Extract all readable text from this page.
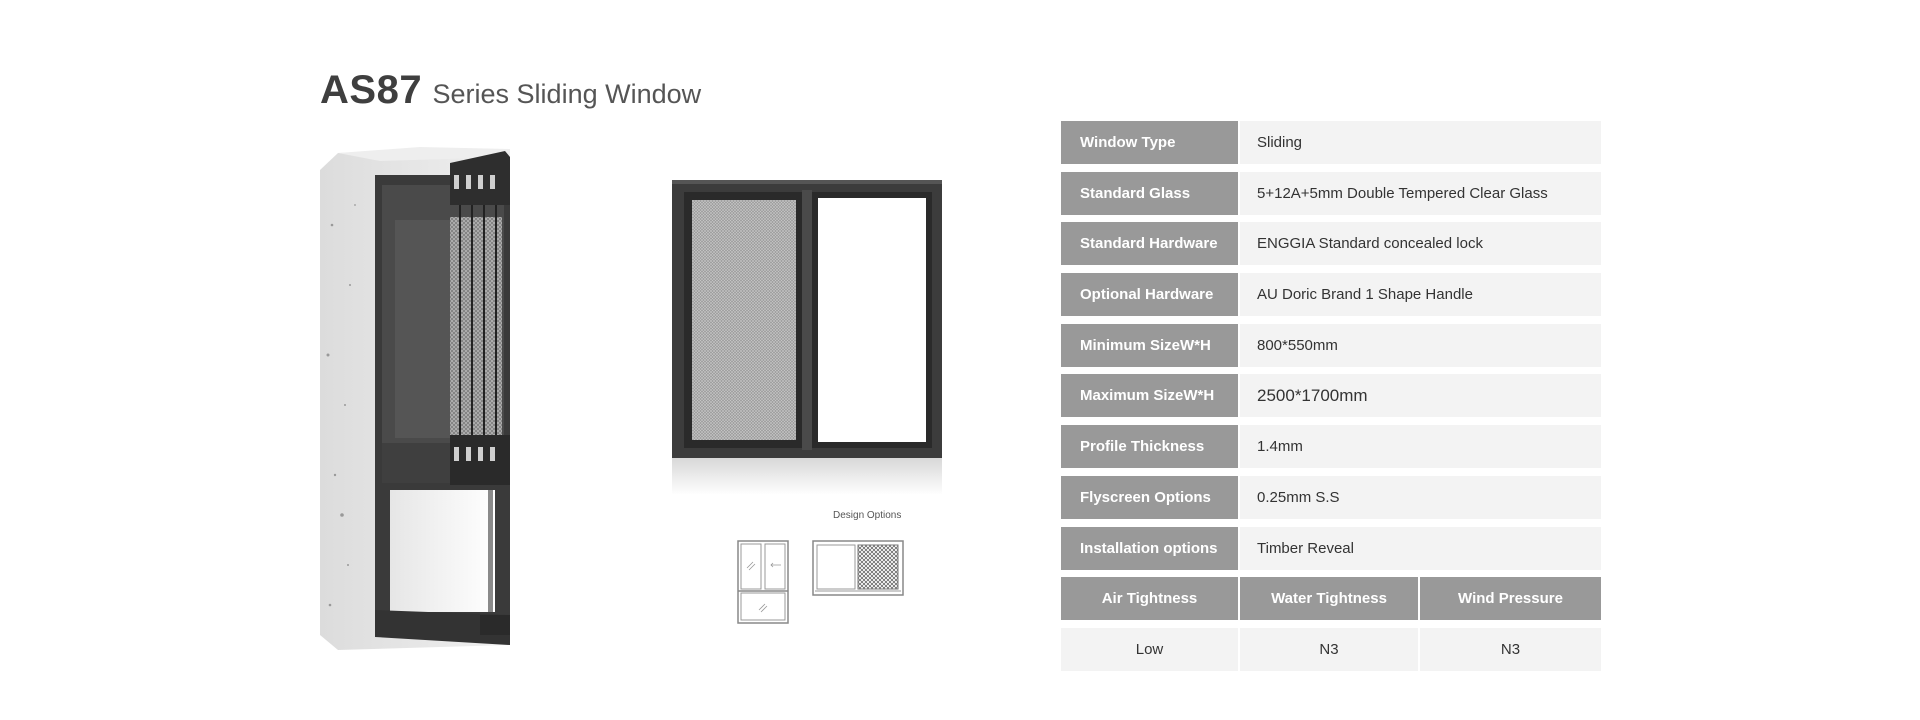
AS87 Series Sliding Window
Design Options
Window Type	Sliding
Standard Glass	5+12A+5mm Double Tempered Clear Glass
Standard Hardware	ENGGIA Standard concealed lock
Optional Hardware	AU Doric Brand 1 Shape Handle
Minimum SizeW*H	800*550mm
Maximum SizeW*H	2500*1700mm
Profile Thickness	1.4mm
Flyscreen Options	0.25mm S.S
Installation options	Timber Reveal
Air Tightness	Water Tightness	Wind Pressure
Low	N3	N3
